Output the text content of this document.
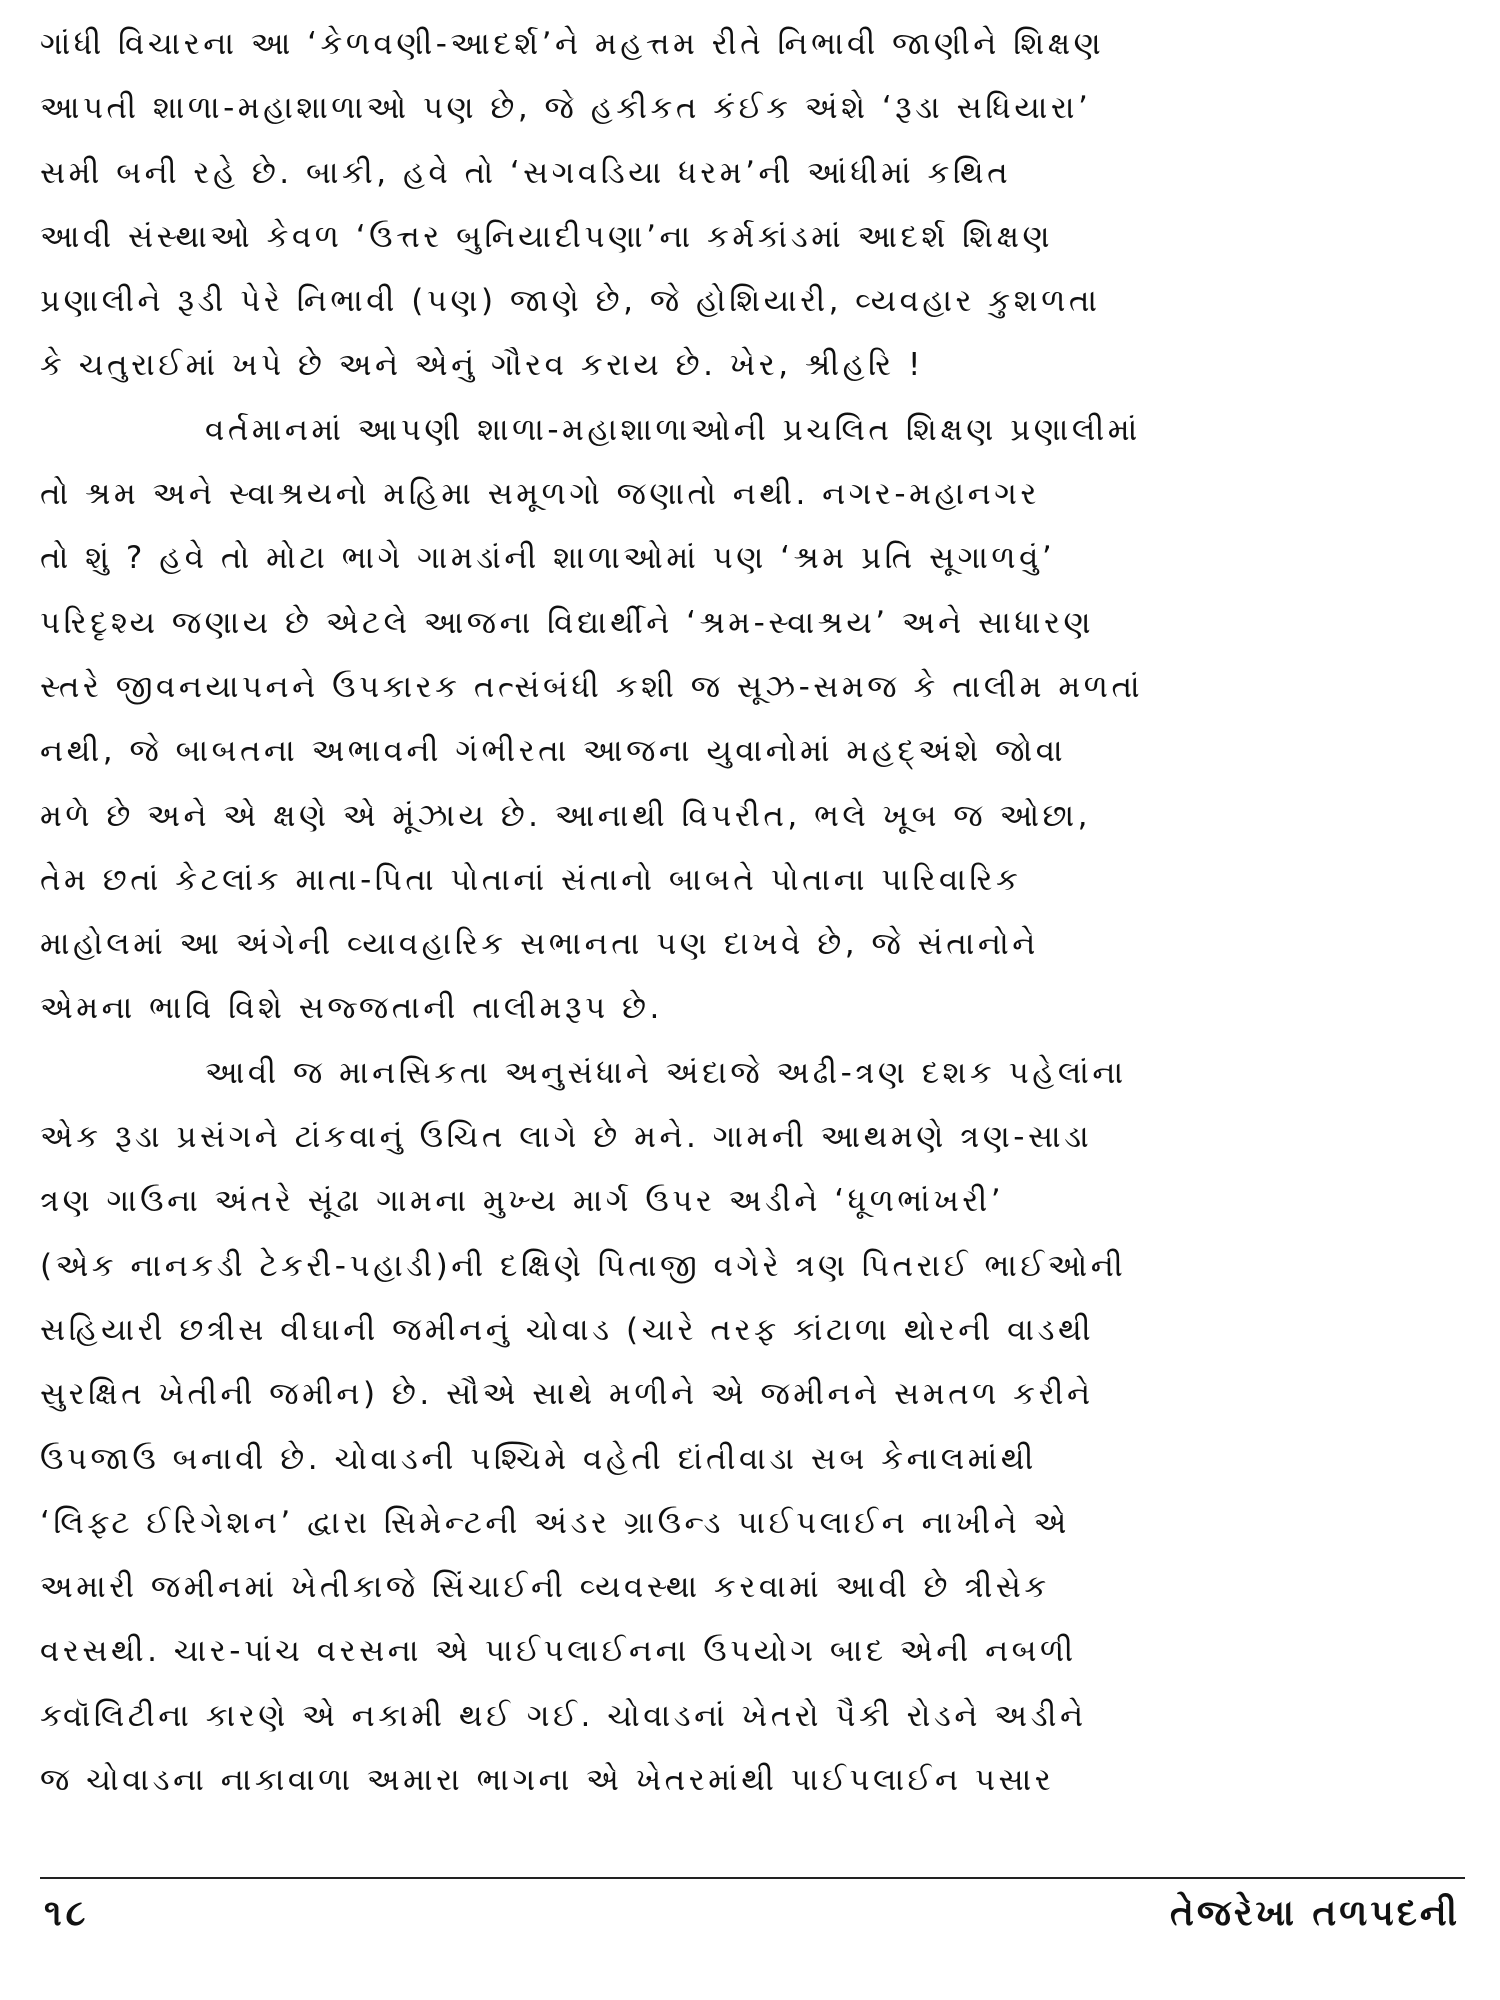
ગાંધી વિચારના આ ‘કેળવણી-આદર્શ’ને મહત્તમ રીતે નિભાવી જાણીને શિક્ષણ
આપતી શાળા-મહાશાળાઓ પણ છે, જે હકીકત કંઈક અંશે ‘રૂડા સધિયારા’
સમી બની રહે છે. બાકી, હવે તો ‘સગવડિયા ધરમ’ની આંધીમાં કથિત
આવી સંસ્થાઓ કેવળ ‘ઉત્તર બુનિયાદીપણા’ના કર્મકાંડમાં આદર્શ શિક્ષણ
પ્રણાલીને રૂડી પેરે નિભાવી (પણ) જાણે છે, જે હોશિયારી, વ્યવહાર કુશળતા
કે ચતુરાઈમાં ખપે છે અને એનું ગૌરવ કરાય છે. ખેર, શ્રીહરિ !
વર્તમાનમાં આપણી શાળા-મહાશાળાઓની પ્રચલિત શિક્ષણ પ્રણાલીમાં
તો શ્રમ અને સ્વાશ્રયનો મહિમા સમૂળગો જણાતો નથી. નગર-મહાનગર
તો શું ? હવે તો મોટા ભાગે ગામડાંની શાળાઓમાં પણ ‘શ્રમ પ્રતિ સૂગાળવું’
પરિદૃશ્ય જણાય છે એટલે આજના વિદ્યાર્થીને ‘શ્રમ-સ્વાશ્રય’ અને સાધારણ
સ્તરે જીવનયાપનને ઉપકારક તત્સંબંધી કશી જ સૂઝ-સમજ કે તાલીમ મળતાં
નથી, જે બાબતના અભાવની ગંભીરતા આજના યુવાનોમાં મહદ્અંશે જોવા
મળે છે અને એ ક્ષણે એ મૂંઝાય છે. આનાથી વિપરીત, ભલે ખૂબ જ ઓછા,
તેમ છતાં કેટલાંક માતા-પિતા પોતાનાં સંતાનો બાબતે પોતાના પારિવારિક
માહોલમાં આ અંગેની વ્યાવહારિક સભાનતા પણ દાખવે છે, જે સંતાનોને
એમના ભાવિ વિશે સજ્જતાની તાલીમરૂપ છે.
આવી જ માનસિકતા અનુસંધાને અંદાજે અઢી-ત્રણ દશક પહેલાંના
એક રૂડા પ્રસંગને ટાંકવાનું ઉચિત લાગે છે મને. ગામની આથમણે ત્રણ-સાડા
ત્રણ ગાઉના અંતરે સૂંઢા ગામના મુખ્ય માર્ગ ઉપર અડીને ‘ધૂળભાંખરી’
(એક નાનકડી ટેકરી-પહાડી)ની દક્ષિણે પિતાજી વગેરે ત્રણ પિતરાઈ ભાઈઓની
સહિયારી છત્રીસ વીઘાની જમીનનું ચોવાડ (ચારે તરફ કાંટાળા થોરની વાડથી
સુરક્ષિત ખેતીની જમીન) છે. સૌએ સાથે મળીને એ જમીનને સમતળ કરીને
ઉપજાઉ બનાવી છે. ચોવાડની પશ્ચિમે વહેતી દાંતીવાડા સબ કેનાલમાંથી
‘લિફ્ટ ઈરિગેશન’ દ્વારા સિમેન્ટની અંડર ગ્રાઉન્ડ પાઈપલાઈન નાખીને એ
અમારી જમીનમાં ખેતીકાજે સિંચાઈની વ્યવસ્થા કરવામાં આવી છે ત્રીસેક
વરસથી. ચાર-પાંચ વરસના એ પાઈપલાઈનના ઉપયોગ બાદ એની નબળી
ક્વૉલિટીના કારણે એ નકામી થઈ ગઈ. ચોવાડનાં ખેતરો પૈકી રોડને અડીને
જ ચોવાડના નાકાવાળા અમારા ભાગના એ ખેતરમાંથી પાઈપલાઈન પસાર
૧૮	તેજરેખા તળપદની
